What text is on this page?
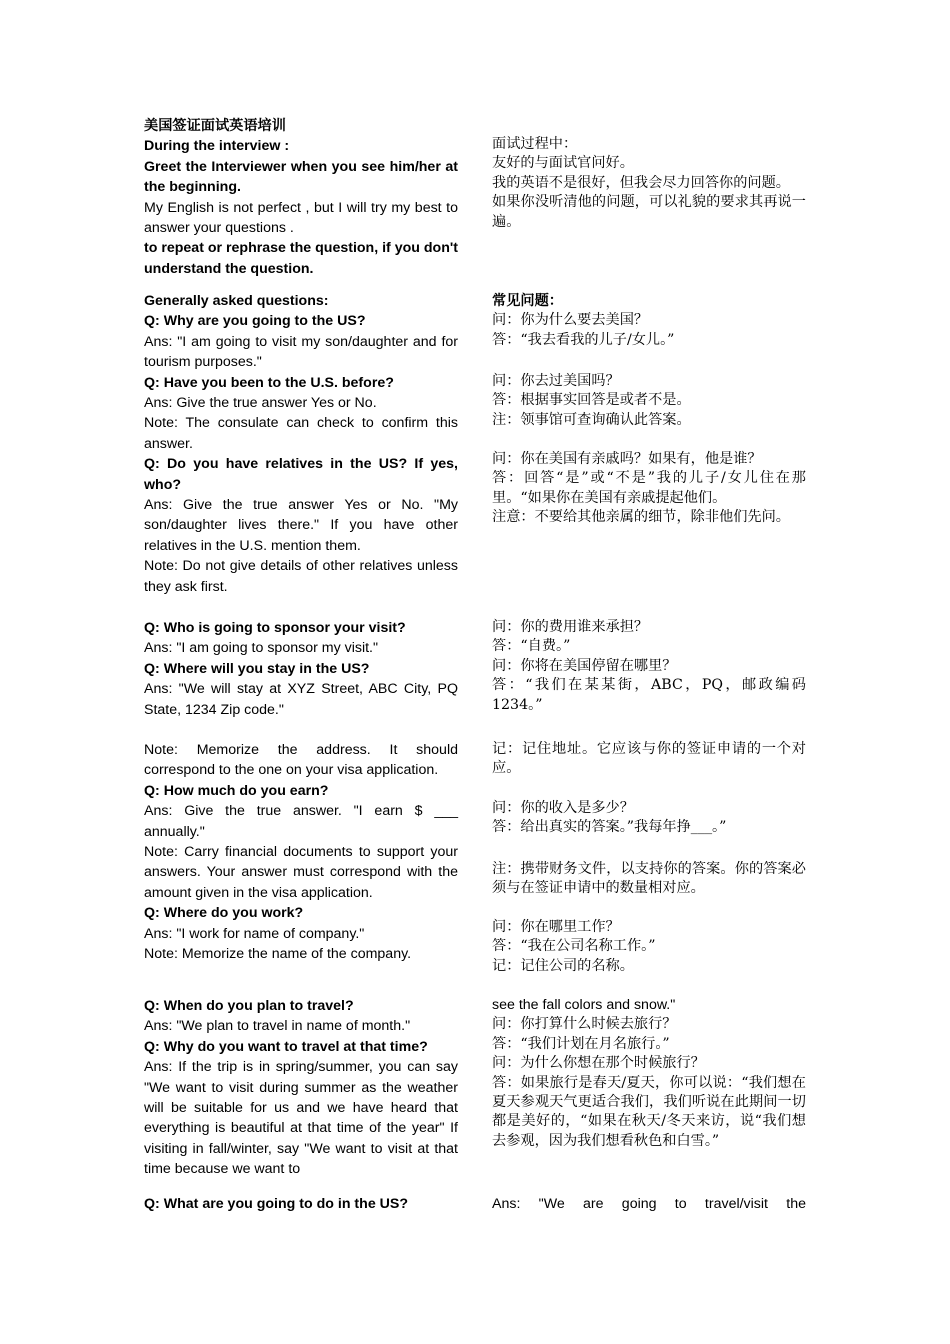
美国签证面试英语培训

During the interview :

Greet the Interviewer when you see him/her at the beginning.

My English is not perfect , but I will try my best to answer your questions .

to repeat or rephrase the question, if you don't understand the question.

Generally asked questions:

Q: Why are you going to the US?

Ans: "I am going to visit my son/daughter and for tourism purposes."

Q: Have you been to the U.S. before?

Ans: Give the true answer Yes or No.

Note: The consulate can check to confirm this answer.

Q: Do you have relatives in the US? If yes, who?

Ans: Give the true answer Yes or No. "My son/daughter lives there." If you have other relatives in the U.S. mention them.

Note: Do not give details of other relatives unless they ask first.

Q: Who is going to sponsor your visit?

Ans: "I am going to sponsor my visit."

Q: Where will you stay in the US?

Ans: "We will stay at XYZ Street, ABC City, PQ State, 1234 Zip code."

Note: Memorize the address. It should correspond to the one on your visa application.

Q: How much do you earn?

Ans: Give the true answer. "I earn $ ___ annually."

Note: Carry financial documents to support your answers. Your answer must correspond with the amount given in the visa application.

Q: Where do you work?

Ans: "I work for name of company."

Note: Memorize the name of the company.

Q: When do you plan to travel?

Ans: "We plan to travel in name of month."

Q: Why do you want to travel at that time?

Ans: If the trip is in spring/summer, you can say "We want to visit during summer as the weather will be suitable for us and we have heard that everything is beautiful at that time of the year" If visiting in fall/winter, say "We want to visit at that time because we want to

Q: What are you going to do in the US?

面试过程中：

友好的与面试官问好。

我的英语不是很好，但我会尽力回答你的问题。

如果你没听清他的问题，可以礼貌的要求其再说一遍。

常见问题：

问：你为什么要去美国？

答：“我去看我的儿子/女儿。”

问：你去过美国吗？

答：根据事实回答是或者不是。

注：领事馆可查询确认此答案。

问：你在美国有亲戚吗？如果有，他是谁？

答：回答“是”或“不是”我的儿子/女儿住在那里。“如果你在美国有亲戚提起他们。

注意：不要给其他亲属的细节，除非他们先问。

问：你的费用谁来承担？

答：“自费。”

问：你将在美国停留在哪里？

答：“我们在某某街，ABC，PQ，邮政编码 1234。”

记：记住地址。它应该与你的签证申请的一个对应。

问：你的收入是多少？

答：给出真实的答案。”我每年挣___。”

注：携带财务文件，以支持你的答案。你的答案必须与在签证申请中的数量相对应。

问：你在哪里工作？

答：“我在公司名称工作。”

记：记住公司的名称。

see the fall colors and snow."

问：你打算什么时候去旅行？

答：“我们计划在月名旅行。”

问：为什么你想在那个时候旅行？

答：如果旅行是春天/夏天，你可以说：“我们想在夏天参观天气更适合我们，我们听说在此期间一切都是美好的，“如果在秋天/冬天来访，说“我们想去参观，因为我们想看秋色和白雪。”

Ans: "We are going to travel/visit the
